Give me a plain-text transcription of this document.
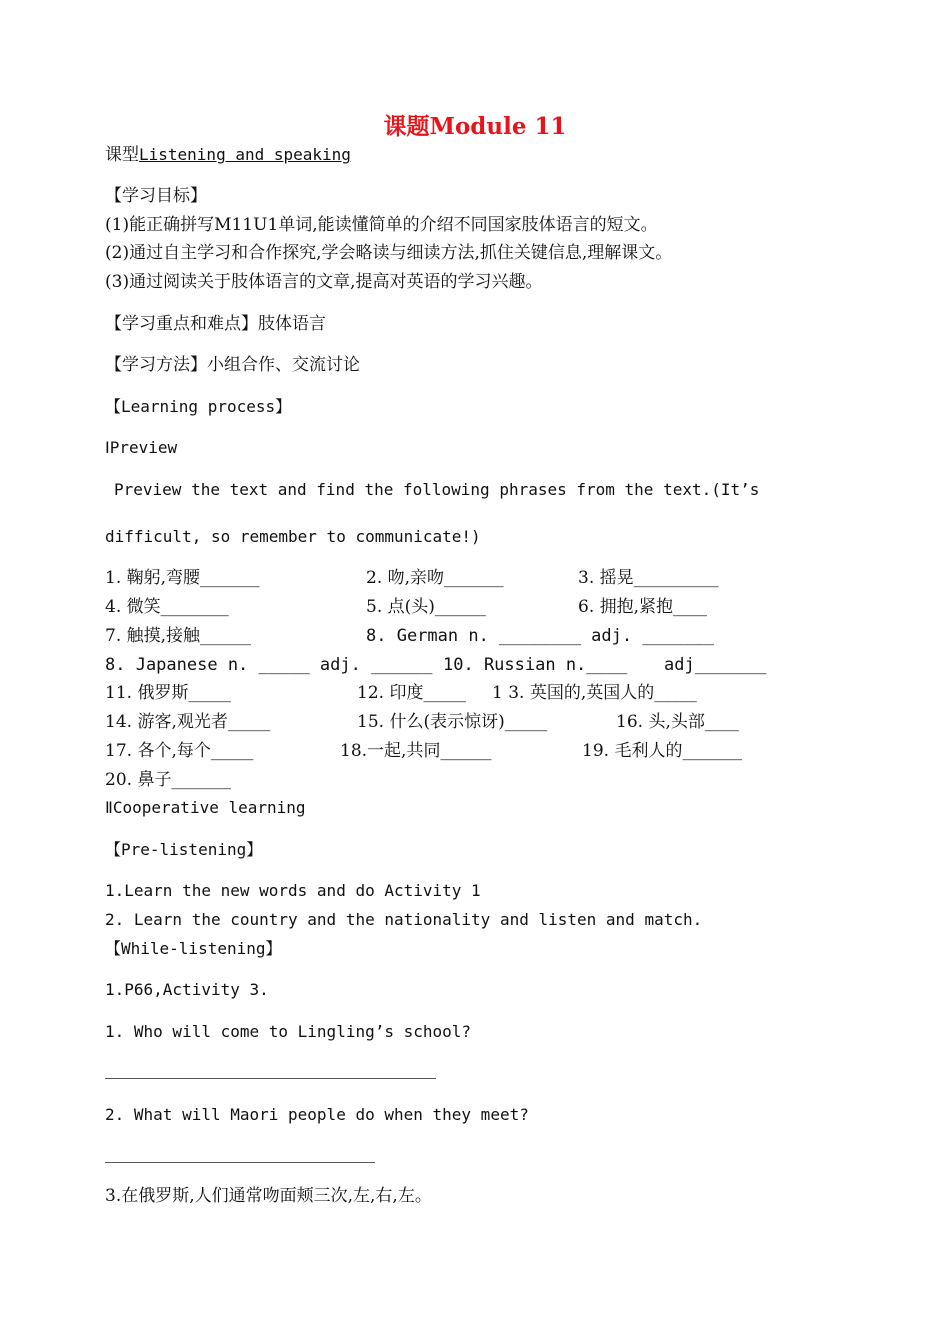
课题Module 11
课型Listening and speaking
【学习目标】
(1)能正确拼写M11U1单词,能读懂简单的介绍不同国家肢体语言的短文。
(2)通过自主学习和合作探究,学会略读与细读方法,抓住关键信息,理解课文。
(3)通过阅读关于肢体语言的文章,提高对英语的学习兴趣。
【学习重点和难点】肢体语言
【学习方法】小组合作、交流讨论
【Learning process】
ⅠPreview
Preview the text and find the following phrases from the text.(It’s
difficult, so remember to communicate!)
1. 鞠躬,弯腰_______	2. 吻,亲吻_______	3. 摇晃__________
4. 微笑________	5. 点(头)______	6. 拥抱,紧抱____
7. 触摸,接触______	8. German n. ________ adj. _______
8. Japanese n. _____ adj. ______ 10. Russian n.____ adj_______
11. 俄罗斯_____	12. 印度_____ 1 3. 英国的,英国人的_____
14. 游客,观光者_____	15. 什么(表示惊讶)_____	16. 头,头部____
17. 各个,每个_____	18.一起,共同______	19. 毛利人的_______
20. 鼻子_______
ⅡCooperative learning
【Pre-listening】
1.Learn the new words and do Activity 1
2. Learn the country and the nationality and listen and match.
【While-listening】
1.P66,Activity 3.
1. Who will come to Lingling’s school?
2. What will Maori people do when they meet?
3.在俄罗斯,人们通常吻面颊三次,左,右,左。
